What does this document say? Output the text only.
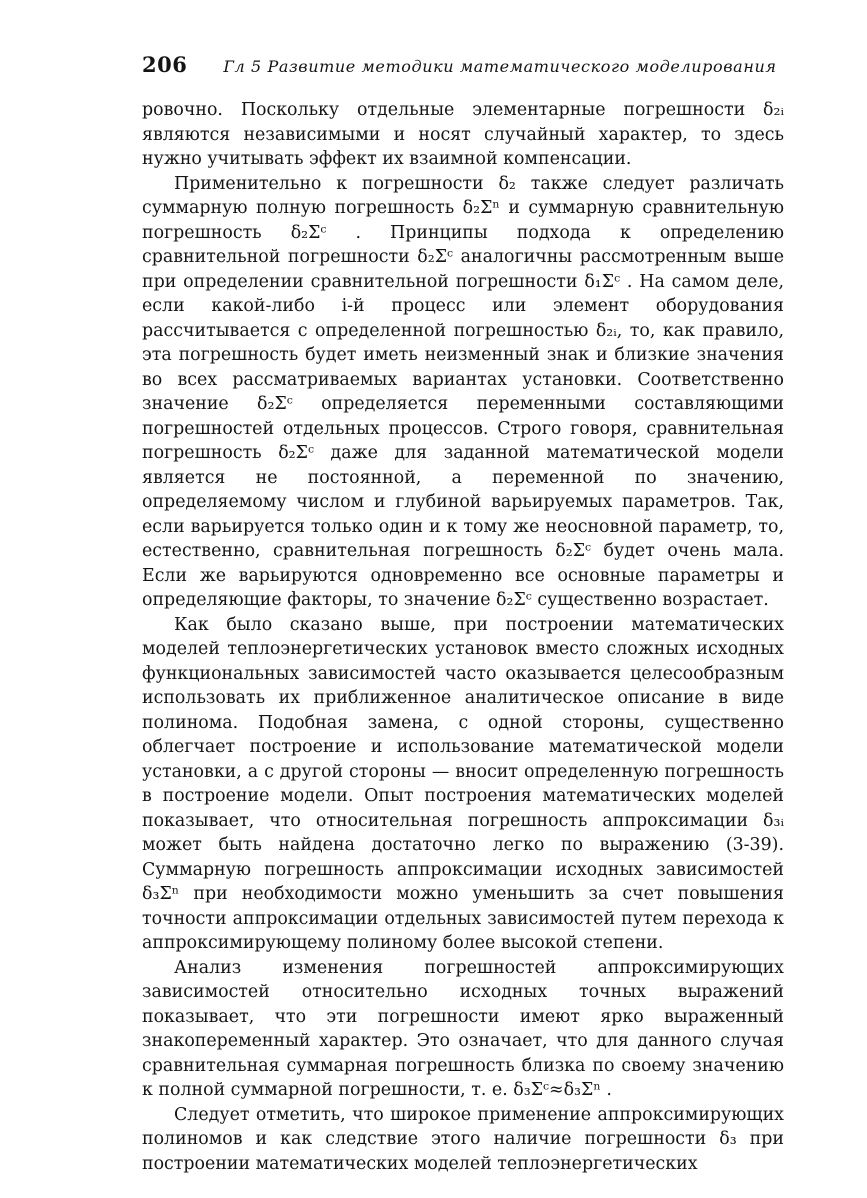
206 Гл 5 Развитие методики математического моделирования

ровочно. Поскольку отдельные элементарные погрешности δ₂ᵢ являются независимыми и носят случайный характер, то здесь нужно учитывать эффект их взаимной компенсации.

Применительно к погрешности δ₂ также следует различать суммарную полную погрешность δ₂Σⁿ и суммарную сравнительную погрешность δ₂Σᶜ . Принципы подхода к определению сравнительной погрешности δ₂Σᶜ аналогичны рассмотренным выше при определении сравнительной погрешности δ₁Σᶜ . На самом деле, если какой-либо i-й процесс или элемент оборудования рассчитывается с определенной погрешностью δ₂ᵢ, то, как правило, эта погрешность будет иметь неизменный знак и близкие значения во всех рассматриваемых вариантах установки. Соответственно значение δ₂Σᶜ определяется переменными составляющими погрешностей отдельных процессов. Строго говоря, сравнительная погрешность δ₂Σᶜ даже для заданной математической модели является не постоянной, а переменной по значению, определяемому числом и глубиной варьируемых параметров. Так, если варьируется только один и к тому же неосновной параметр, то, естественно, сравнительная погрешность δ₂Σᶜ будет очень мала. Если же варьируются одновременно все основные параметры и определяющие факторы, то значение δ₂Σᶜ существенно возрастает.

Как было сказано выше, при построении математических моделей теплоэнергетических установок вместо сложных исходных функциональных зависимостей часто оказывается целесообразным использовать их приближенное аналитическое описание в виде полинома. Подобная замена, с одной стороны, существенно облегчает построение и использование математической модели установки, а с другой стороны — вносит определенную погрешность в построение модели. Опыт построения математических моделей показывает, что относительная погрешность аппроксимации δ₃ᵢ может быть найдена достаточно легко по выражению (3-39). Суммарную погрешность аппроксимации исходных зависимостей δ₃Σⁿ при необходимости можно уменьшить за счет повышения точности аппроксимации отдельных зависимостей путем перехода к аппроксимирующему полиному более высокой степени.

Анализ изменения погрешностей аппроксимирующих зависимостей относительно исходных точных выражений показывает, что эти погрешности имеют ярко выраженный знакопеременный характер. Это означает, что для данного случая сравнительная суммарная погрешность близка по своему значению к полной суммарной погрешности, т. е. δ₃Σᶜ≈δ₃Σⁿ .

Следует отметить, что широкое применение аппроксимирующих полиномов и как следствие этого наличие погрешности δ₃ при построении математических моделей теплоэнергетических
